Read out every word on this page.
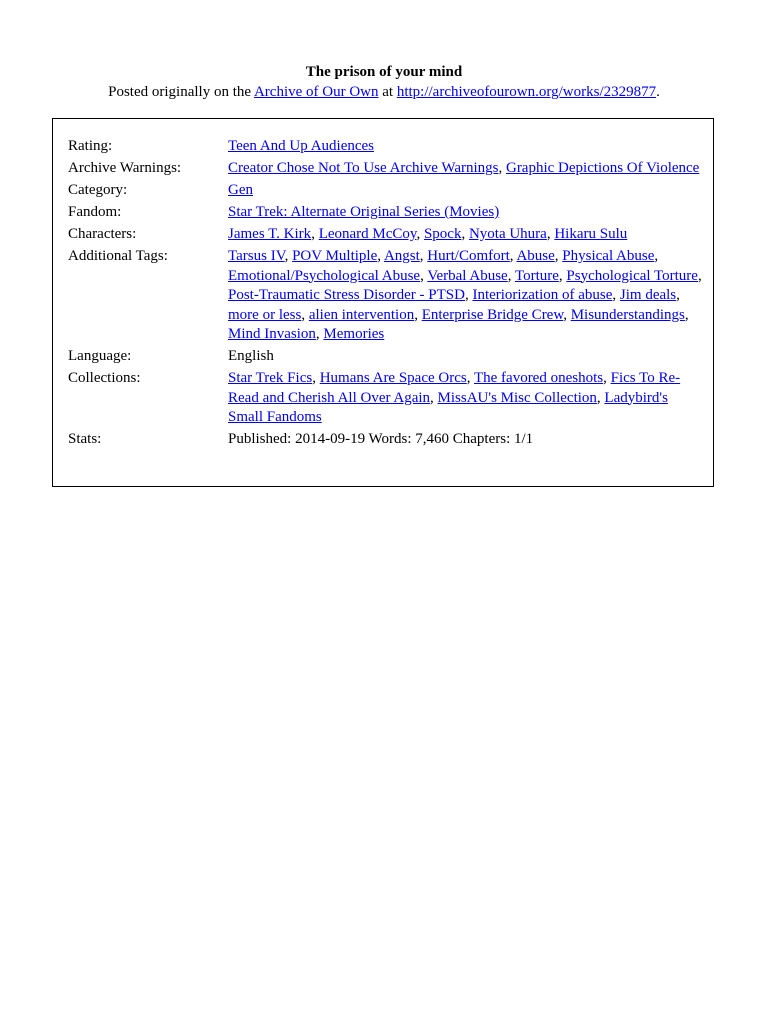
The prison of your mind
Posted originally on the Archive of Our Own at http://archiveofourown.org/works/2329877.
Rating:	Teen And Up Audiences
Archive Warnings:	Creator Chose Not To Use Archive Warnings, Graphic Depictions Of Violence
Category:	Gen
Fandom:	Star Trek: Alternate Original Series (Movies)
Characters:	James T. Kirk, Leonard McCoy, Spock, Nyota Uhura, Hikaru Sulu
Additional Tags:	Tarsus IV, POV Multiple, Angst, Hurt/Comfort, Abuse, Physical Abuse, Emotional/Psychological Abuse, Verbal Abuse, Torture, Psychological Torture, Post-Traumatic Stress Disorder - PTSD, Interiorization of abuse, Jim deals, more or less, alien intervention, Enterprise Bridge Crew, Misunderstandings, Mind Invasion, Memories
Language:	English
Collections:	Star Trek Fics, Humans Are Space Orcs, The favored oneshots, Fics To Re-Read and Cherish All Over Again, MissAU's Misc Collection, Ladybird's Small Fandoms
Stats:	Published: 2014-09-19 Words: 7,460 Chapters: 1/1
